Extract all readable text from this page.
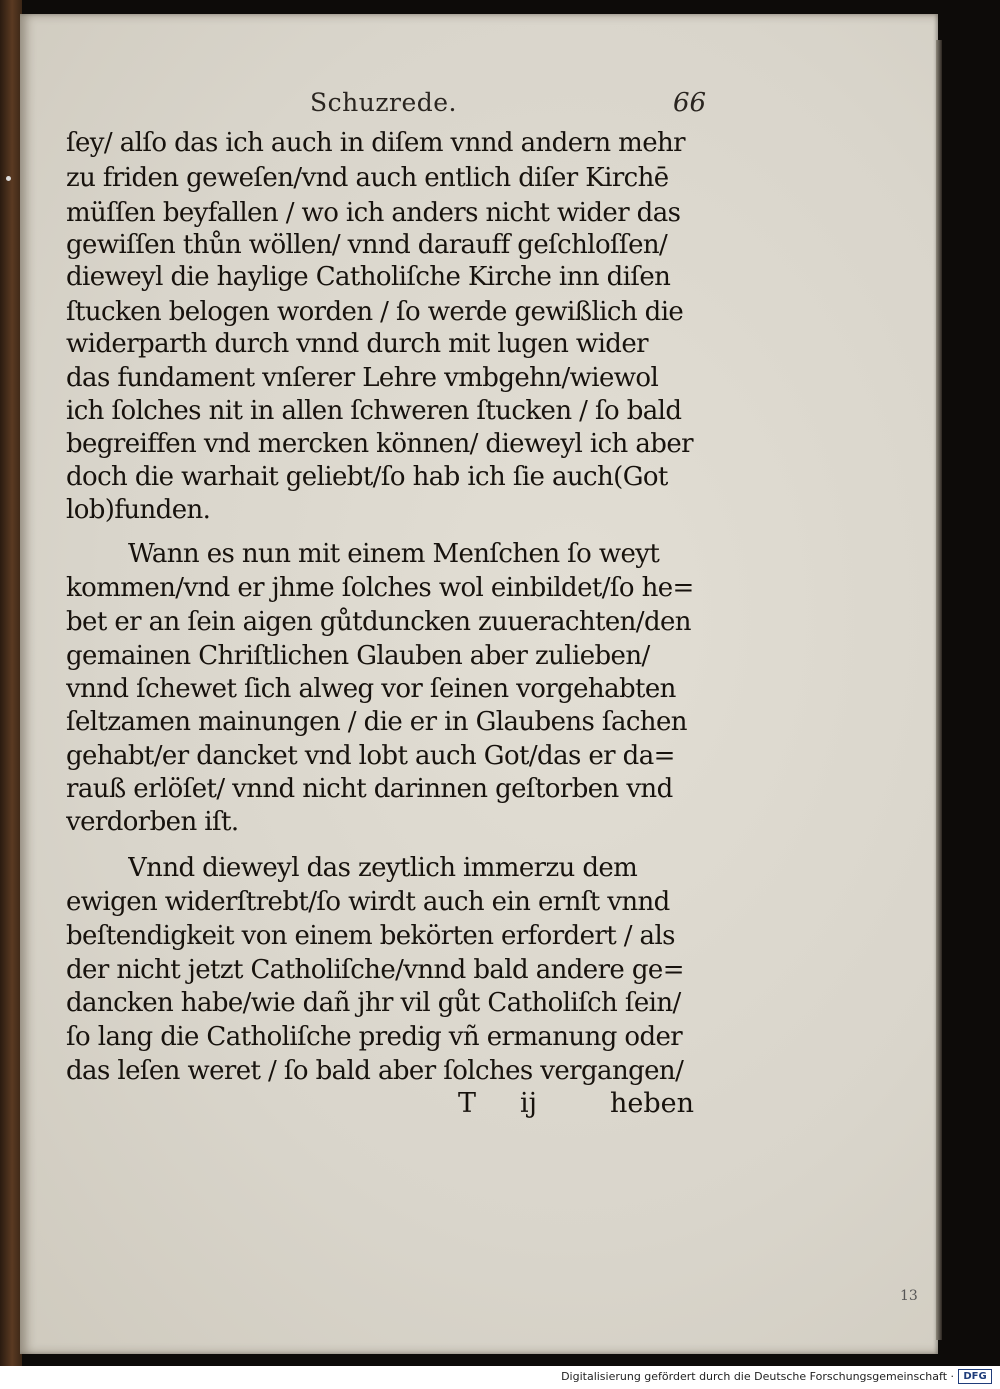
Schuzrede.	66
ſey/ alſo das ich auch in diſem vnnd andern mehr
zu friden geweſen/vnd auch entlich diſer Kirchē
müſſen beyfallen / wo ich anders nicht wider das
gewiſſen thůn wöllen/ vnnd darauff geſchloſſen/
dieweyl die haylige Catholiſche Kirche inn diſen
ſtucken belogen worden / ſo werde gewißlich die
widerparth durch vnnd durch mit lugen wider
das fundament vnſerer Lehre vmbgehn/wiewol
ich ſolches nit in allen ſchweren ſtucken / ſo bald
begreiffen vnd mercken können/ dieweyl ich aber
doch die warhait geliebt/ſo hab ich ſie auch(Got
lob)funden.
Wann es nun mit einem Menſchen ſo weyt
kommen/vnd er jhme ſolches wol einbildet/ſo he=
bet er an ſein aigen gůtduncken zuuerachten/den
gemainen Chriſtlichen Glauben aber zulieben/
vnnd ſchewet ſich alweg vor ſeinen vorgehabten
ſeltzamen mainungen / die er in Glaubens ſachen
gehabt/er dancket vnd lobt auch Got/das er da=
rauß erlöſet/ vnnd nicht darinnen geſtorben vnd
verdorben iſt.
Vnnd dieweyl das zeytlich immerzu dem
ewigen widerſtrebt/ſo wirdt auch ein ernſt vnnd
beſtendigkeit von einem bekörten erfordert / als
der nicht jetzt Catholiſche/vnnd bald andere ge=
dancken habe/wie dañ jhr vil gůt Catholiſch ſein/
ſo lang die Catholiſche predig vñ ermanung oder
das leſen weret / ſo bald aber ſolches vergangen/
T ij	heben
13
Digitalisierung gefördert durch die Deutsche Forschungsgemeinschaft · DFG
